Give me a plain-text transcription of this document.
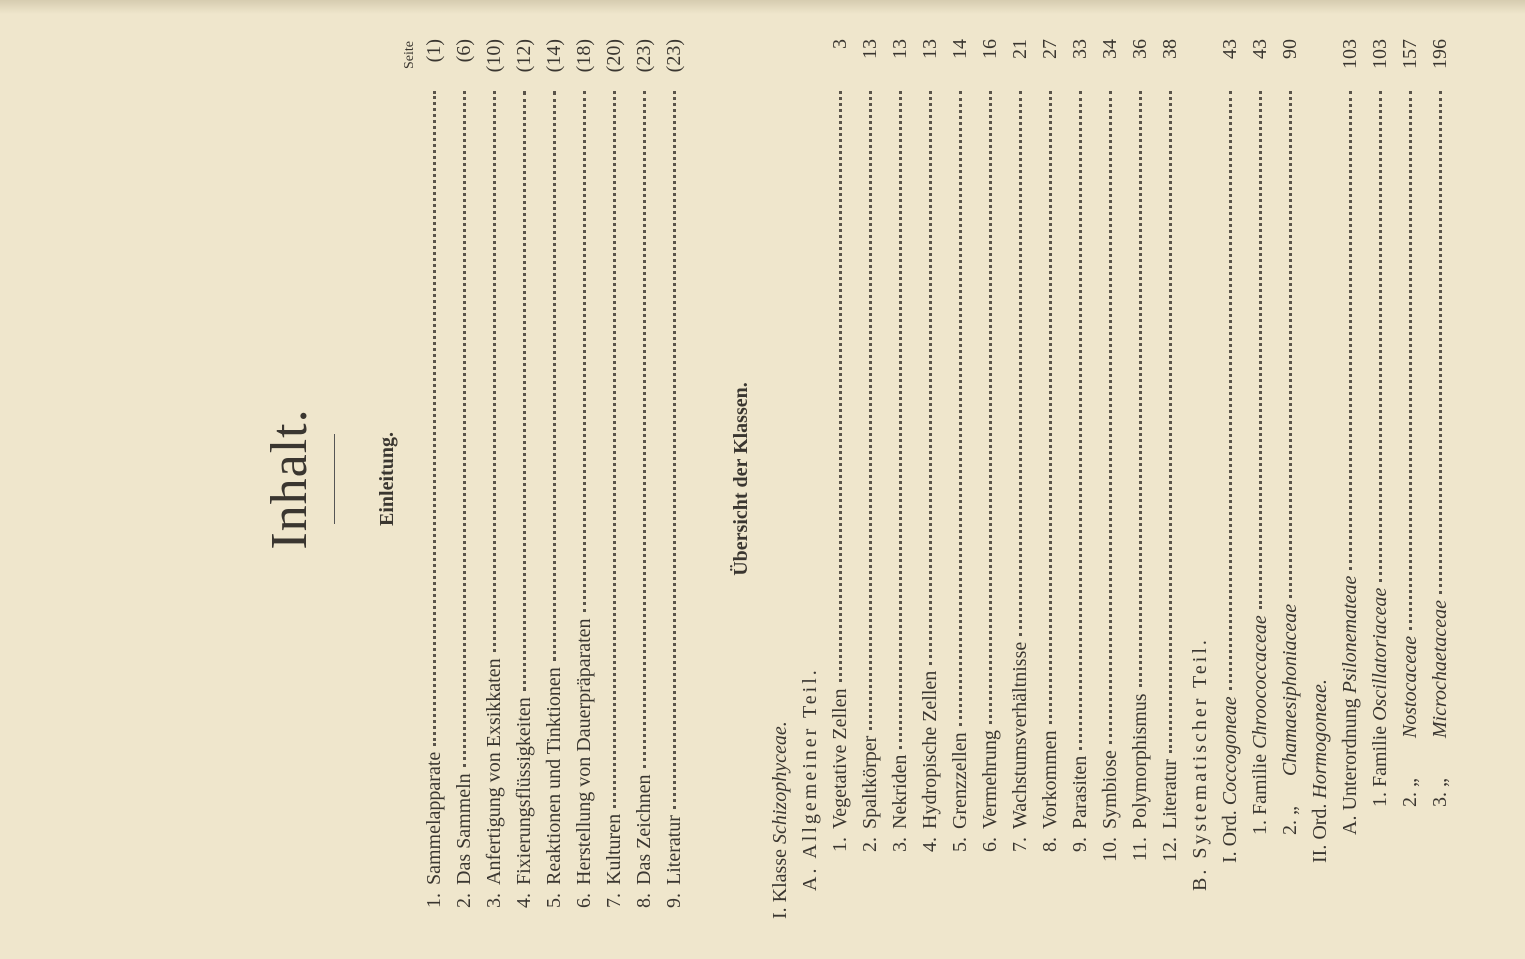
Inhalt.	Einleitung.
Seite
1.
Sammelapparate
(1)
2.
Das Sammeln
(6)
3.
Anfertigung von Exsikkaten
(10)
4.
Fixierungsflüssigkeiten
(12)
5.
Reaktionen und Tinktionen
(14)
6.
Herstellung von Dauerpräparaten
(18)
7.
Kulturen
(20)
8.
Das Zeichnen
(23)
9.
Literatur
(23)
Übersicht der Klassen.
I. Klasse

Schizophyceae. A. Allgemeiner Teil. 1.
Vegetative Zellen
3
2.
Spaltkörper
13
3.
Nekriden
13
4.
Hydropische Zellen
13
5.
Grenzzellen
14
6.
Vermehrung
16
7.
Wachstumsverhältnisse
21
8.
Vorkommen
27
9.
Parasiten
33
10.
Symbiose
34
11.
Polymorphismus
36
12.
Literatur
38
B. Systematischer Teil. I. Ord. Coccogoneae
43
1. Familie Chroococcaceae
43
2. „      Chamaesiphoniaceae
90
II. Ord.

Hormogoneae. A. Unterordnung Psilonemateae
103
1. Familie Oscillatoriaceae
103
2. „        Nostocaceae
157
3. „        Microchaetaceae
196
